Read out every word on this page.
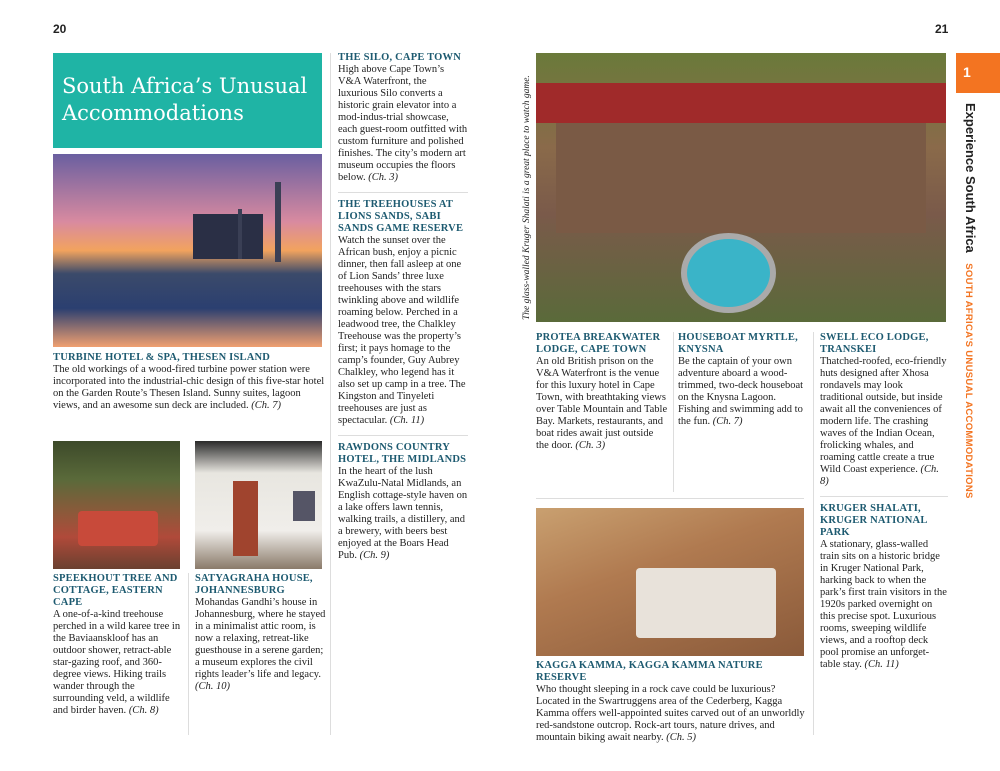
20	21
South Africa’s Unusual Accommodations
TURBINE HOTEL & SPA, THESEN ISLAND
The old workings of a wood-fired turbine power station were incorporated into the industrial-chic design of this five-star hotel on the Garden Route’s Thesen Island. Sunny suites, lagoon views, and an awesome sun deck are included. (Ch. 7)
SPEEKHOUT TREE AND COTTAGE, EASTERN CAPE
A one-of-a-kind treehouse perched in a wild karee tree in the Baviaanskloof has an outdoor shower, retract-able star-gazing roof, and 360-degree views. Hiking trails wander through the surrounding veld, a wildlife and birder haven. (Ch. 8)
SATYAGRAHA HOUSE, JOHANNESBURG
Mohandas Gandhi’s house in Johannesburg, where he stayed in a minimalist attic room, is now a relaxing, retreat-like guesthouse in a serene garden; a museum explores the civil rights leader’s life and legacy. (Ch. 10)
THE SILO, CAPE TOWN
High above Cape Town’s V&A Waterfront, the luxurious Silo converts a historic grain elevator into a mod-indus-trial showcase, each guest-room outfitted with custom furniture and polished finishes. The city’s modern art museum occupies the floors below. (Ch. 3)
THE TREEHOUSES AT LIONS SANDS, SABI SANDS GAME RESERVE
Watch the sunset over the African bush, enjoy a picnic dinner, then fall asleep at one of Lion Sands’ three luxe treehouses with the stars twinkling above and wildlife roaming below. Perched in a leadwood tree, the Chalkley Treehouse was the property’s first; it pays homage to the camp’s founder, Guy Aubrey Chalkley, who legend has it also set up camp in a tree. The Kingston and Tinyeleti treehouses are just as spectacular. (Ch. 11)
RAWDONS COUNTRY HOTEL, THE MIDLANDS
In the heart of the lush KwaZulu-Natal Midlands, an English cottage-style haven on a lake offers lawn tennis, walking trails, a distillery, and a brewery, with beers best enjoyed at the Boars Head Pub. (Ch. 9)
The glass-walled Kruger Shalati is a great place to watch game.
PROTEA BREAKWATER LODGE, CAPE TOWN
An old British prison on the V&A Waterfront is the venue for this luxury hotel in Cape Town, with breathtaking views over Table Mountain and Table Bay. Markets, restaurants, and boat rides await just outside the door. (Ch. 3)
HOUSEBOAT MYRTLE, KNYSNA
Be the captain of your own adventure aboard a wood-trimmed, two-deck houseboat on the Knysna Lagoon. Fishing and swimming add to the fun. (Ch. 7)
KAGGA KAMMA, KAGGA KAMMA NATURE RESERVE
Who thought sleeping in a rock cave could be luxurious? Located in the Swartruggens area of the Cederberg, Kagga Kamma offers well-appointed suites carved out of an unworldly red-sandstone outcrop. Rock-art tours, nature drives, and mountain biking await nearby. (Ch. 5)
SWELL ECO LODGE, TRANSKEI
Thatched-roofed, eco-friendly huts designed after Xhosa rondavels may look traditional outside, but inside await all the conveniences of modern life. The crashing waves of the Indian Ocean, frolicking whales, and roaming cattle create a true Wild Coast experience. (Ch. 8)
KRUGER SHALATI, KRUGER NATIONAL PARK
A stationary, glass-walled train sits on a historic bridge in Kruger National Park, harking back to when the park’s first train visitors in the 1920s parked overnight on this precise spot. Luxurious rooms, sweeping wildlife views, and a rooftop deck pool promise an unforget-table stay. (Ch. 11)
1
Experience South Africa SOUTH AFRICA’S UNUSUAL ACCOMMODATIONS
